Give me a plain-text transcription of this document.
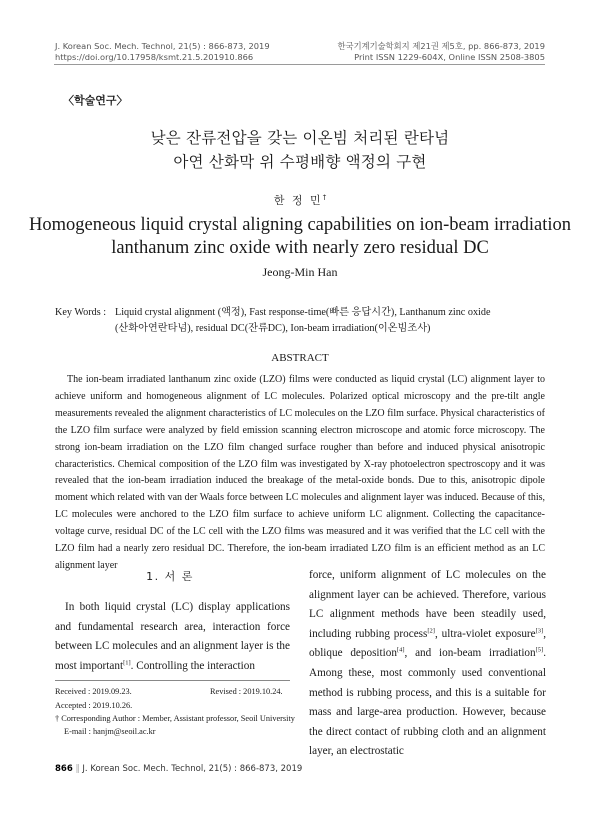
J. Korean Soc. Mech. Technol, 21(5) : 866-873, 2019
https://doi.org/10.17958/ksmt.21.5.201910.866
한국기계기술학회지 제21권 제5호, pp. 866-873, 2019
Print ISSN 1229-604X, Online ISSN 2508-3805
〈학술연구〉
낮은 잔류전압을 갖는 이온빔 처리된 란타넘
아연 산화막 위 수평배향 액정의 구현
한 정 민†
Homogeneous liquid crystal aligning capabilities on ion-beam irradiation
lanthanum zinc oxide with nearly zero residual DC
Jeong-Min Han
Key Words : Liquid crystal alignment (액정), Fast response-time(빠른 응답시간), Lanthanum zinc oxide
(산화아연란타넘), residual DC(잔류DC), Ion-beam irradiation(이온빔조사)
ABSTRACT

The ion-beam irradiated lanthanum zinc oxide (LZO) films were conducted as liquid crystal (LC) alignment layer to achieve uniform and homogeneous alignment of LC molecules. Polarized optical microscopy and the pre-tilt angle measurements revealed the alignment characteristics of LC molecules on the LZO film surface. Physical characteristics of the LZO film surface were analyzed by field emission scanning electron microscope and atomic force microscopy. The strong ion-beam irradiation on the LZO film changed surface rougher than before and induced physical anisotropic characteristics. Chemical composition of the LZO film was investigated by X-ray photoelectron spectroscopy and it was revealed that the ion-beam irradiation induced the breakage of the metal-oxide bonds. Due to this, anisotropic dipole moment which related with van der Waals force between LC molecules and alignment layer was induced. Because of this, LC molecules were anchored to the LZO film surface to achieve uniform LC alignment. Collecting the capacitance-voltage curve, residual DC of the LC cell with the LZO films was measured and it was verified that the LC cell with the LZO film had a nearly zero residual DC. Therefore, the ion-beam irradiated LZO film is an efficient method as an LC alignment layer

1. 서 론

In both liquid crystal (LC) display applications and fundamental research area, interaction force between LC molecules and an alignment layer is the most important[1]. Controlling the interaction

force, uniform alignment of LC molecules on the alignment layer can be achieved. Therefore, various LC alignment methods have been steadily used, including rubbing process[2], ultra-violet exposure[3], oblique deposition[4], and ion-beam irradiation[5]. Among these, most commonly used conventional method is rubbing process, and this is a suitable for mass and large-area production. However, because the direct contact of rubbing cloth and an alignment layer, an electrostatic

Received : 2019.09.23.	Revised : 2019.10.24.
Accepted : 2019.10.26.
† Corresponding Author : Member, Assistant professor, Seoil University
E-mail : hanjm@seoil.ac.kr
866 ‖ J. Korean Soc. Mech. Technol, 21(5) : 866-873, 2019
